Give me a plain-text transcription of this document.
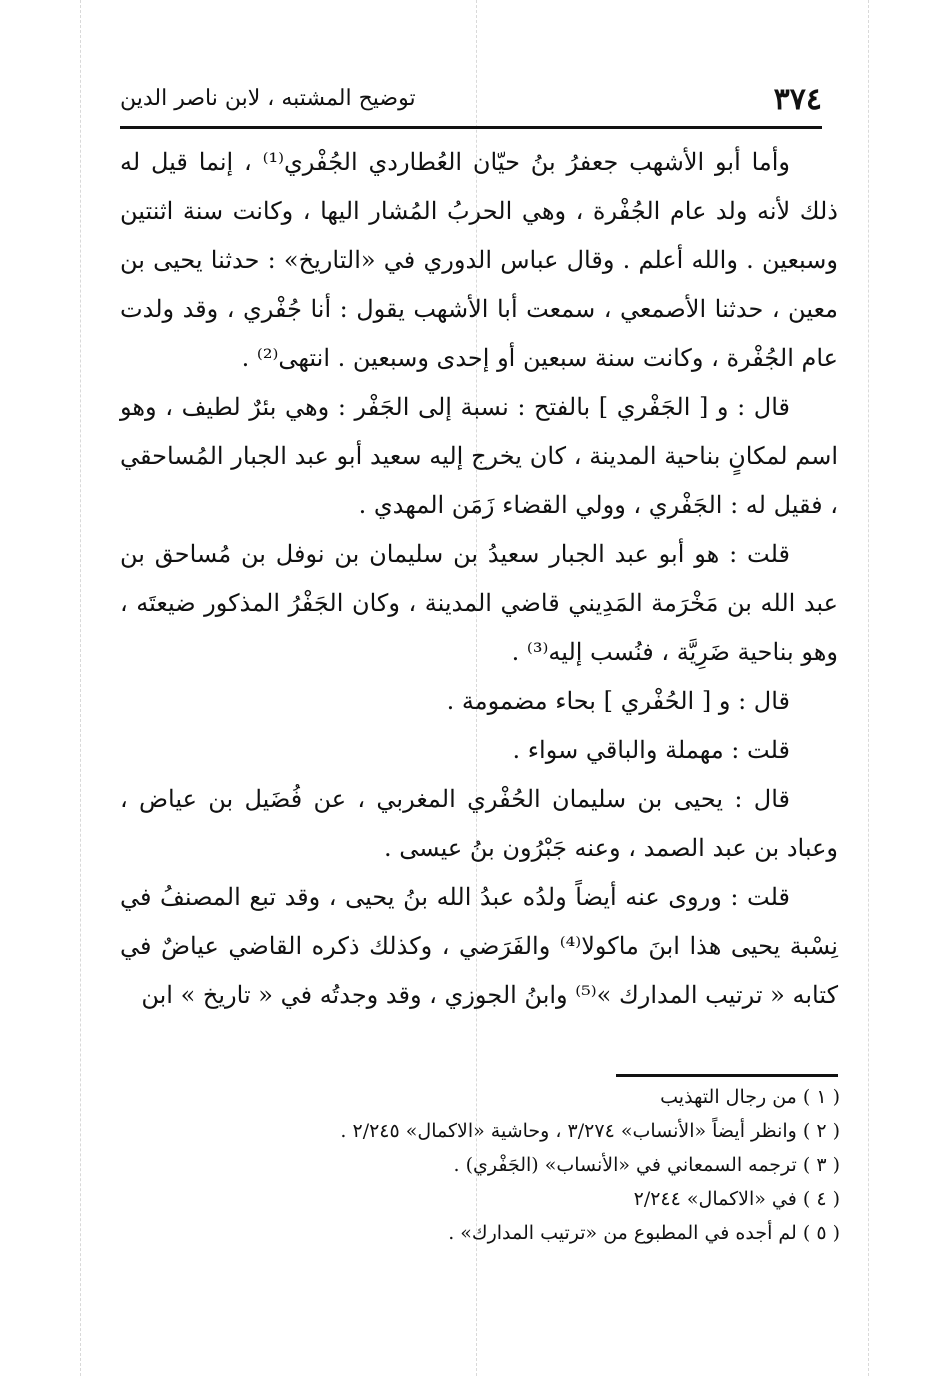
٣٧٤
توضيح المشتبه ، لابن ناصر الدين

وأما أبو الأشهب جعفرُ بنُ حيّان العُطاردي الجُفْري⁽¹⁾ ، إنما قيل له ذلك لأنه ولد عام الجُفْرة ، وهي الحربُ المُشار اليها ، وكانت سنة اثنتين وسبعين . والله أعلم . وقال عباس الدوري في «التاريخ» : حدثنا يحيى بن معين ، حدثنا الأصمعي ، سمعت أبا الأشهب يقول : أنا جُفْري ، وقد ولدت عام الجُفْرة ، وكانت سنة سبعين أو إحدى وسبعين . انتهى⁽²⁾ .

قال : و [ الجَفْري ] بالفتح : نسبة إلى الجَفْر : وهي بئرٌ لطيف ، وهو اسم لمكانٍ بناحية المدينة ، كان يخرج إليه سعيد أبو عبد الجبار المُساحقي ، فقيل له : الجَفْري ، وولي القضاء زَمَن المهدي .

قلت : هو أبو عبد الجبار سعيدُ بن سليمان بن نوفل بن مُساحق بن عبد الله بن مَخْرَمة المَدِيني قاضي المدينة ، وكان الجَفْرُ المذكور ضيعتَه ، وهو بناحية ضَرِيَّة ، فنُسب إليه⁽³⁾ .

قال : و [ الحُفْري ] بحاء مضمومة .

قلت : مهملة والباقي سواء .

قال : يحيى بن سليمان الحُفْري المغربي ، عن فُضَيل بن عياض ، وعباد بن عبد الصمد ، وعنه جَبْرُون بنُ عيسى .

قلت : وروى عنه أيضاً ولدُه عبدُ الله بنُ يحيى ، وقد تبع المصنفُ في نِسْبة يحيى هذا ابنَ ماكولا⁽⁴⁾ والفَرَضي ، وكذلك ذكره القاضي عياضٌ في كتابه « ترتيب المدارك »⁽⁵⁾ وابنُ الجوزي ، وقد وجدتُه في « تاريخ » ابن

( ١ ) من رجال التهذيب

( ٢ ) وانظر أيضاً «الأنساب» ٣/٢٧٤ ، وحاشية «الاكمال» ٢/٢٤٥ .

( ٣ ) ترجمه السمعاني في «الأنساب» (الجَفْري) .

( ٤ ) في «الاكمال» ٢/٢٤٤

( ٥ ) لم أجده في المطبوع من «ترتيب المدارك» .
